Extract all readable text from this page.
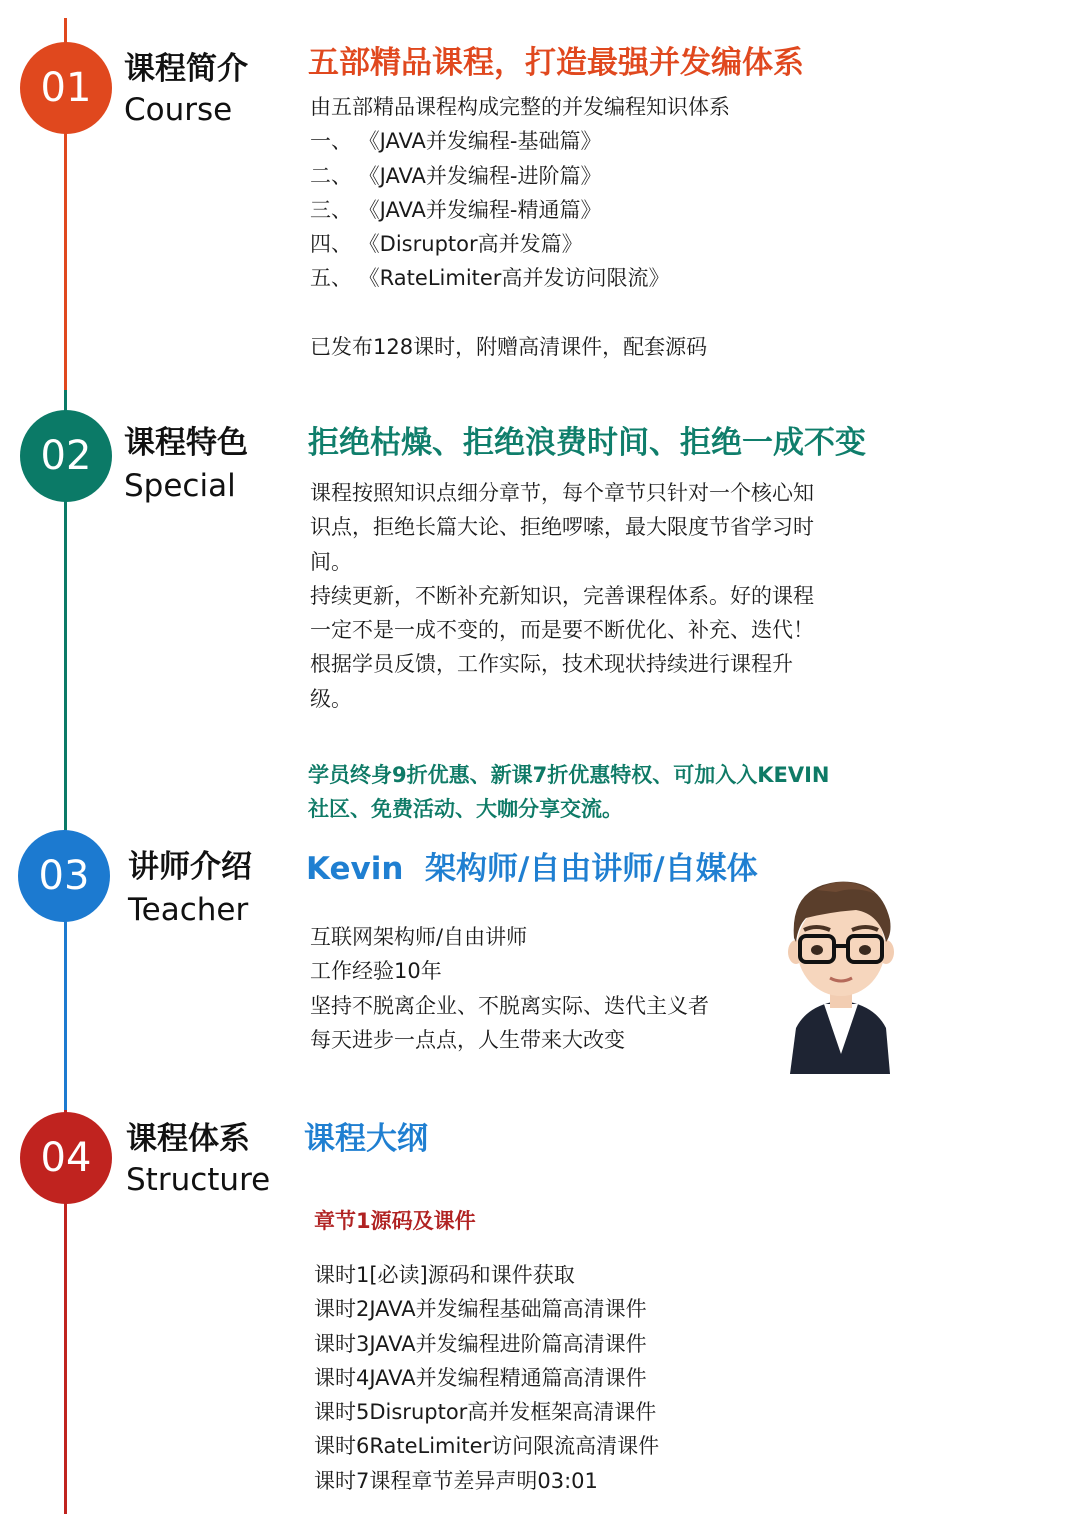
01	课程简介
Course
五部精品课程，打造最强并发编体系
由五部精品课程构成完整的并发编程知识体系
一、 《JAVA并发编程-基础篇》
二、 《JAVA并发编程-进阶篇》
三、 《JAVA并发编程-精通篇》
四、 《Disruptor高并发篇》
五、 《RateLimiter高并发访问限流》
已发布128课时，附赠高清课件，配套源码
02	课程特色
Special
拒绝枯燥、拒绝浪费时间、拒绝一成不变
课程按照知识点细分章节，每个章节只针对一个核心知
识点，拒绝长篇大论、拒绝啰嗦，最大限度节省学习时
间。
持续更新，不断补充新知识，完善课程体系。好的课程
一定不是一成不变的，而是要不断优化、补充、迭代！
根据学员反馈，工作实际，技术现状持续进行课程升
级。
学员终身9折优惠、新课7折优惠特权、可加入入KEVIN
社区、免费活动、大咖分享交流。
03	讲师介绍
Teacher
Kevin  架构师/自由讲师/自媒体
互联网架构师/自由讲师
工作经验10年
坚持不脱离企业、不脱离实际、迭代主义者
每天进步一点点，人生带来大改变
04	课程体系
Structure
课程大纲
章节1源码及课件
课时1[必读]源码和课件获取
课时2JAVA并发编程基础篇高清课件
课时3JAVA并发编程进阶篇高清课件
课时4JAVA并发编程精通篇高清课件
课时5Disruptor高并发框架高清课件
课时6RateLimiter访问限流高清课件
课时7课程章节差异声明03:01
